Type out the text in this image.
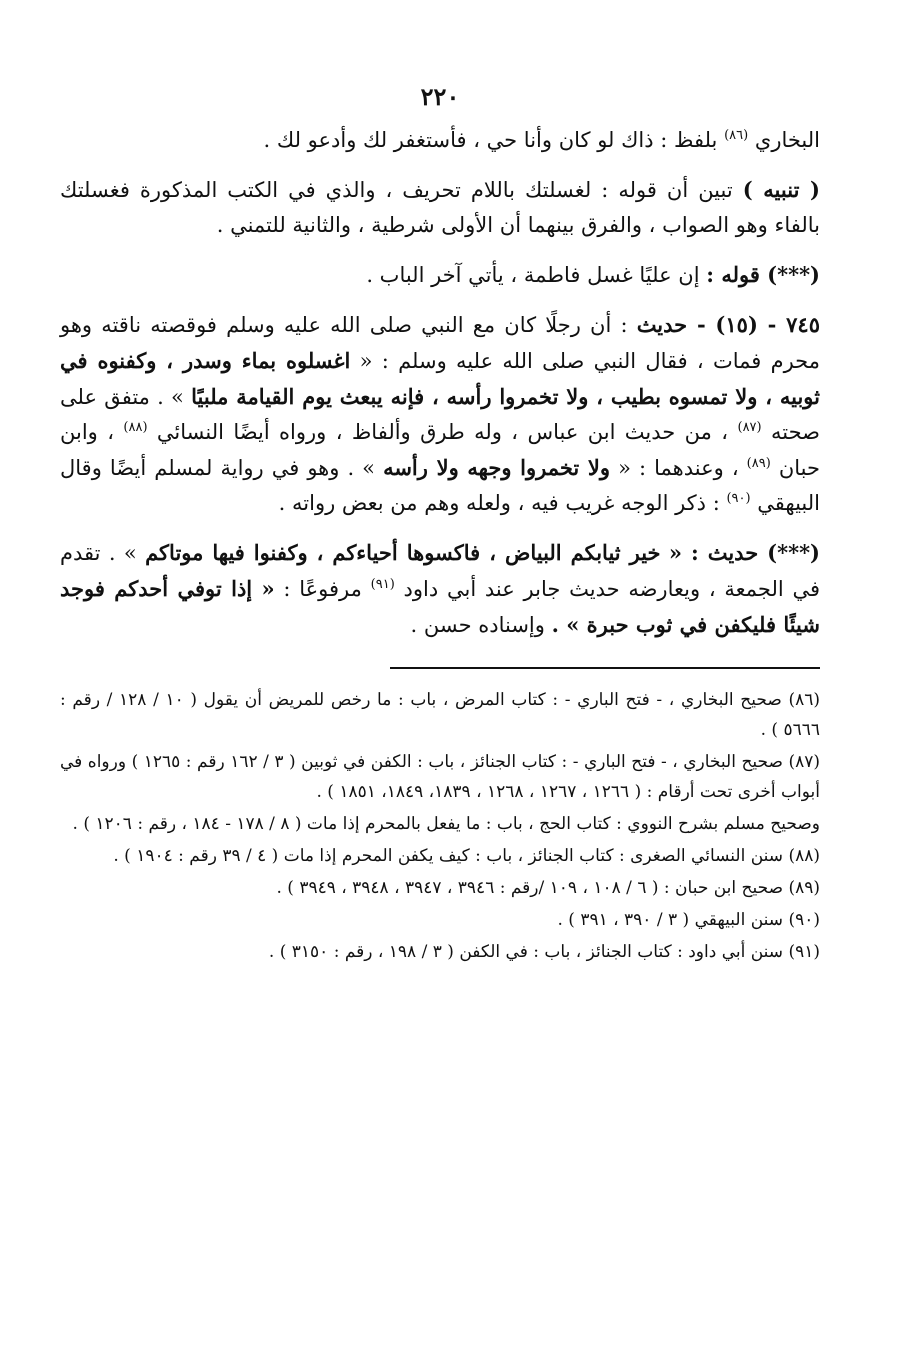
٢٢٠

البخاري $^{(٨٦)}$ بلفظ : ذاك لو كان وأنا حي ، فأستغفر لك وأدعو لك .

( تنبيه ) تبين أن قوله : لغسلتك باللام تحريف ، والذي في الكتب المذكورة فغسلتك بالفاء وهو الصواب ، والفرق بينهما أن الأولى شرطية ، والثانية للتمني .

(***) قوله : إن عليًا غسل فاطمة ، يأتي آخر الباب .

٧٤٥ - (١٥) - حديث : أن رجلًا كان مع النبي صلى الله عليه وسلم فوقصته ناقته وهو محرم فمات ، فقال النبي صلى الله عليه وسلم : « اغسلوه بماء وسدر ، وكفنوه في ثوبيه ، ولا تمسوه بطيب ، ولا تخمروا رأسه ، فإنه يبعث يوم القيامة ملبيًا » . متفق على صحته $^{(٨٧)}$ ، من حديث ابن عباس ، وله طرق وألفاظ ، ورواه أيضًا النسائي $^{(٨٨)}$ ، وابن حبان $^{(٨٩)}$ ، وعندهما : « ولا تخمروا وجهه ولا رأسه » . وهو في رواية لمسلم أيضًا وقال البيهقي $^{(٩٠)}$ : ذكر الوجه غريب فيه ، ولعله وهم من بعض رواته .

(***) حديث : « خير ثيابكم البياض ، فاكسوها أحياءكم ، وكفنوا فيها موتاكم » . تقدم في الجمعة ، ويعارضه حديث جابر عند أبي داود $^{(٩١)}$ مرفوعًا : « إذا توفي أحدكم فوجد شيئًا فليكفن في ثوب حبرة » . وإسناده حسن .

(٨٦) صحيح البخاري ، - فتح الباري - : كتاب المرض ، باب : ما رخص للمريض أن يقول ( ١٠ / ١٢٨ / رقم : ٥٦٦٦ ) .
(٨٧) صحيح البخاري ، - فتح الباري - : كتاب الجنائز ، باب : الكفن في ثوبين ( ٣ / ١٦٢ رقم : ١٢٦٥ ) ورواه في أبواب أخرى تحت أرقام : ( ١٢٦٦ ، ١٢٦٧ ، ١٢٦٨ ، ١٨٣٩، ١٨٤٩، ١٨٥١ ) .
وصحيح مسلم بشرح النووي : كتاب الحج ، باب : ما يفعل بالمحرم إذا مات ( ٨ / ١٧٨ - ١٨٤ ، رقم : ١٢٠٦ ) .
(٨٨) سنن النسائي الصغرى : كتاب الجنائز ، باب : كيف يكفن المحرم إذا مات ( ٤ / ٣٩ رقم : ١٩٠٤ ) .
(٨٩) صحيح ابن حبان : ( ٦ / ١٠٨ ، ١٠٩ /رقم : ٣٩٤٦ ، ٣٩٤٧ ، ٣٩٤٨ ، ٣٩٤٩ ) .
(٩٠) سنن البيهقي ( ٣ / ٣٩٠ ، ٣٩١ ) .
(٩١) سنن أبي داود : كتاب الجنائز ، باب : في الكفن ( ٣ / ١٩٨ ، رقم : ٣١٥٠ ) .
